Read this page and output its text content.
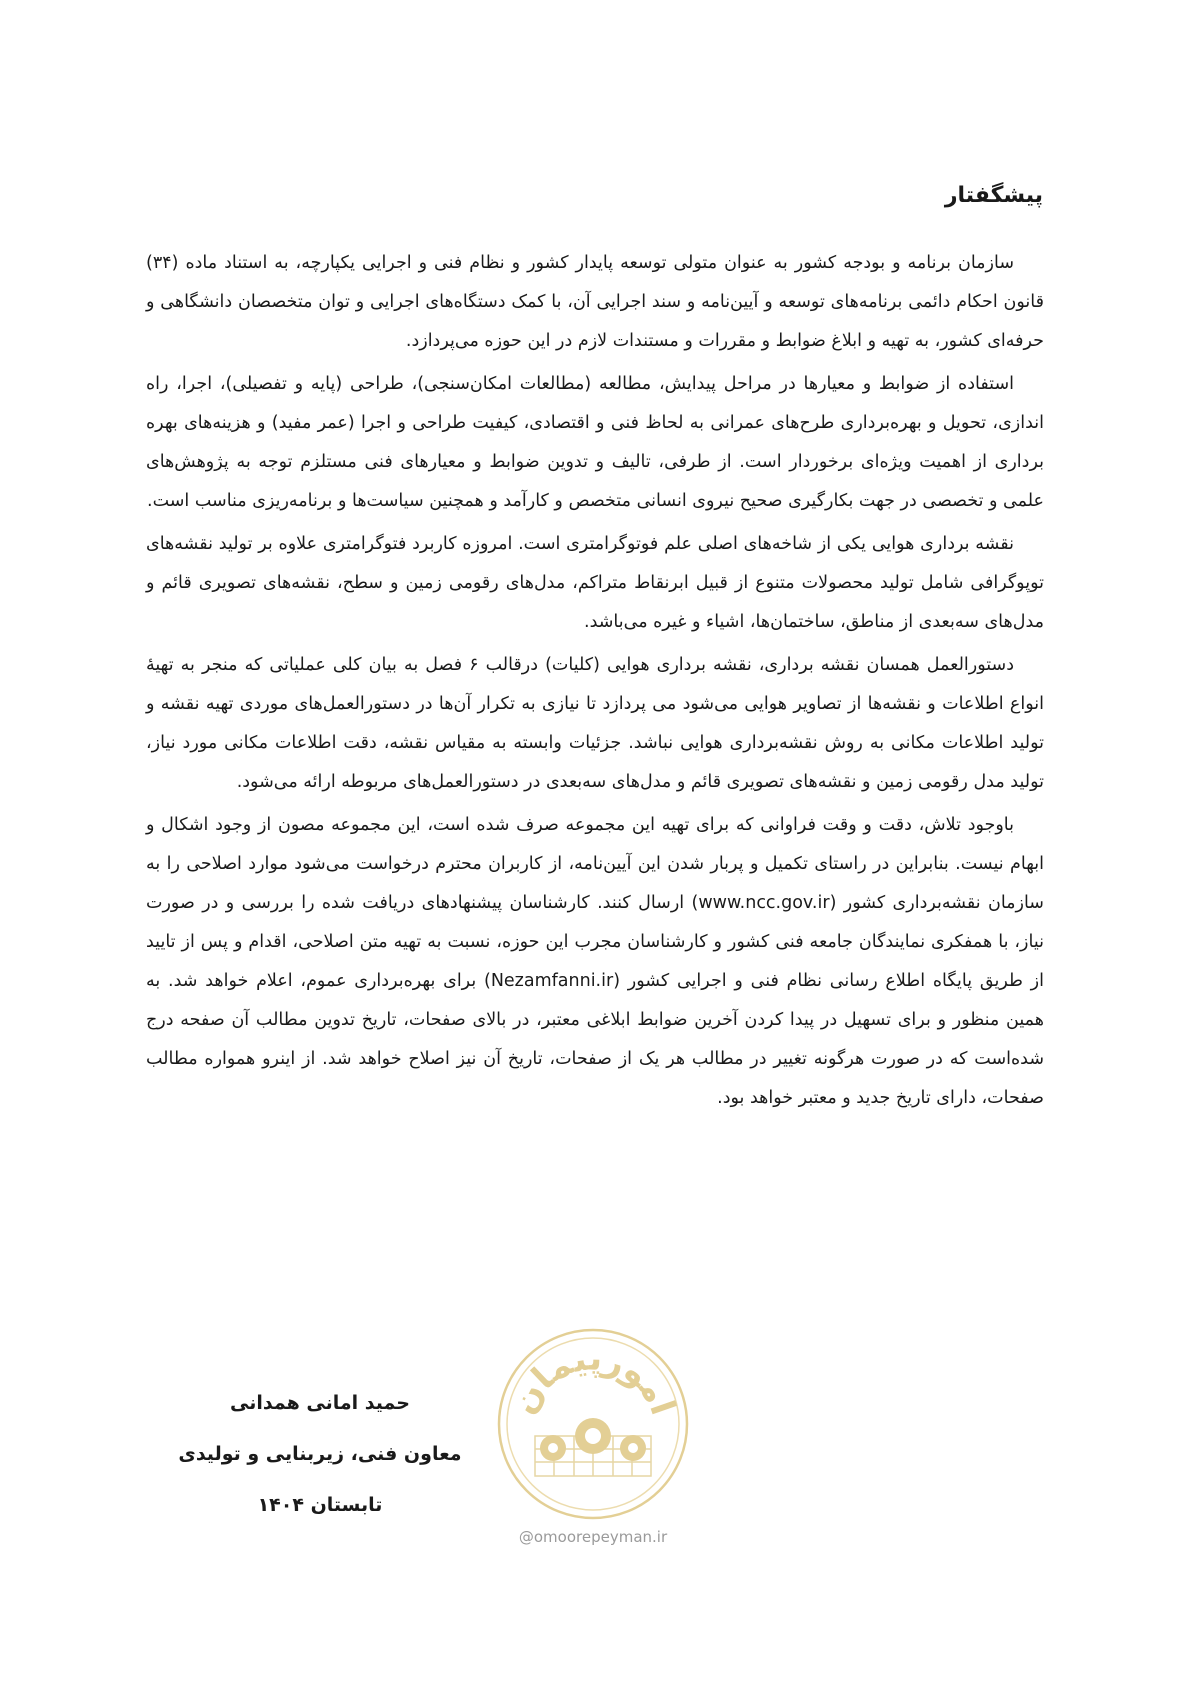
پیشگفتار

سازمان برنامه و بودجه کشور به عنوان متولی توسعه پایدار کشور و نظام فنی و اجرایی یکپارچه، به استناد ماده (۳۴) قانون احکام دائمی برنامه‌های توسعه و آیین‌نامه و سند اجرایی آن، با کمک دستگاه‌های اجرایی و توان متخصصان دانشگاهی و حرفه‌ای کشور، به تهیه و ابلاغ ضوابط و مقررات و مستندات لازم در این حوزه می‌پردازد.

استفاده از ضوابط و معیارها در مراحل پیدایش، مطالعه (مطالعات امکان‌سنجی)، طراحی (پایه و تفصیلی)، اجرا، راه اندازی، تحویل و بهره‌برداری طرح‌های عمرانی به لحاظ فنی و اقتصادی، کیفیت طراحی و اجرا (عمر مفید) و هزینه‌های بهره برداری از اهمیت ویژه‌ای برخوردار است. از طرفی، تالیف و تدوین ضوابط و معیارهای فنی مستلزم توجه به پژوهش‌های علمی و تخصصی در جهت بکارگیری صحیح نیروی انسانی متخصص و کارآمد و همچنین سیاست‌ها و برنامه‌ریزی مناسب است.

نقشه برداری هوایی یکی از شاخه‌های اصلی علم فوتوگرامتری است. امروزه کاربرد فتوگرامتری علاوه بر تولید نقشه‌های توپوگرافی شامل تولید محصولات متنوع از قبیل ابرنقاط متراکم، مدل‌های رقومی زمین و سطح، نقشه‌های تصویری قائم و مدل‌های سه‌بعدی از مناطق، ساختمان‌ها، اشیاء و غیره می‌باشد.

دستورالعمل همسان نقشه برداری، نقشه برداری هوایی (کلیات) درقالب ۶ فصل به بیان کلی عملیاتی که منجر به تهیهٔ انواع اطلاعات و نقشه‌ها از تصاویر هوایی می‌شود می پردازد تا نیازی به تکرار آن‌ها در دستورالعمل‌های موردی تهیه نقشه و تولید اطلاعات مکانی به روش نقشه‌برداری هوایی نباشد. جزئیات وابسته به مقیاس نقشه، دقت اطلاعات مکانی مورد نیاز، تولید مدل رقومی زمین و نقشه‌های تصویری قائم و مدل‌های سه‌بعدی در دستورالعمل‌های مربوطه ارائه می‌شود.

باوجود تلاش، دقت و وقت فراوانی که برای تهیه این مجموعه صرف شده است، این مجموعه مصون از وجود اشکال و ابهام نیست. بنابراین در راستای تکمیل و پربار شدن این آیین‌نامه، از کاربران محترم درخواست می‌شود موارد اصلاحی را به سازمان نقشه‌برداری کشور (www.ncc.gov.ir) ارسال کنند. کارشناسان پیشنهادهای دریافت شده را بررسی و در صورت نیاز، با همفکری نمایندگان جامعه فنی کشور و کارشناسان مجرب این حوزه، نسبت به تهیه متن اصلاحی، اقدام و پس از تایید از طریق پایگاه اطلاع رسانی نظام فنی و اجرایی کشور (Nezamfanni.ir) برای بهره‌برداری عموم، اعلام خواهد شد. به همین منظور و برای تسهیل در پیدا کردن آخرین ضوابط ابلاغی معتبر، در بالای صفحات، تاریخ تدوین مطالب آن صفحه درج شده‌است که در صورت هرگونه تغییر در مطالب هر یک از صفحات، تاریخ آن نیز اصلاح خواهد شد. از اینرو همواره مطالب صفحات، دارای تاریخ جدید و معتبر خواهد بود.

حمید امانی همدانی
معاون فنی، زیربنایی و تولیدی
تابستان ۱۴۰۴
امورپیمان
@omoorepeyman.ir
